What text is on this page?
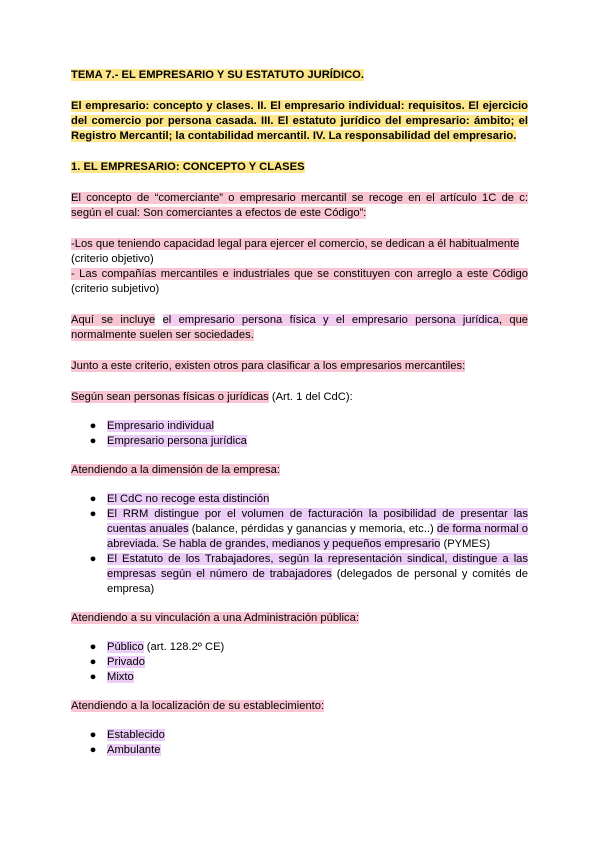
TEMA 7.- EL EMPRESARIO Y SU ESTATUTO JURÍDICO.

El empresario: concepto y clases. II. El empresario individual: requisitos. El ejercicio del comercio por persona casada. III. El estatuto jurídico del empresario: ámbito; el Registro Mercantil; la contabilidad mercantil. IV. La responsabilidad del empresario.

1. EL EMPRESARIO: CONCEPTO Y CLASES

El concepto de “comerciante” o empresario mercantil se recoge en el artículo 1C de c: según el cual: Son comerciantes a efectos de este Código”:

-Los que teniendo capacidad legal para ejercer el comercio, se dedican a él habitualmente (criterio objetivo)

- Las compañías mercantiles e industriales que se constituyen con arreglo a este Código (criterio subjetivo)

Aquí se incluye el empresario persona física y el empresario persona jurídica, que normalmente suelen ser sociedades.

Junto a este criterio, existen otros para clasificar a los empresarios mercantiles:

Según sean personas físicas o jurídicas (Art. 1 del CdC):

● Empresario individual
● Empresario persona jurídica

Atendiendo a la dimensión de la empresa:

● El CdC no recoge esta distinción
● El RRM distingue por el volumen de facturación la posibilidad de presentar las cuentas anuales (balance, pérdidas y ganancias y memoria, etc..) de forma normal o abreviada. Se habla de grandes, medianos y pequeños empresario (PYMES)
● El Estatuto de los Trabajadores, según la representación sindical, distingue a las empresas según el número de trabajadores (delegados de personal y comités de empresa)

Atendiendo a su vinculación a una Administración pública:

● Público (art. 128.2º CE)
● Privado
● Mixto

Atendiendo a la localización de su establecimiento:

● Establecido
● Ambulante
